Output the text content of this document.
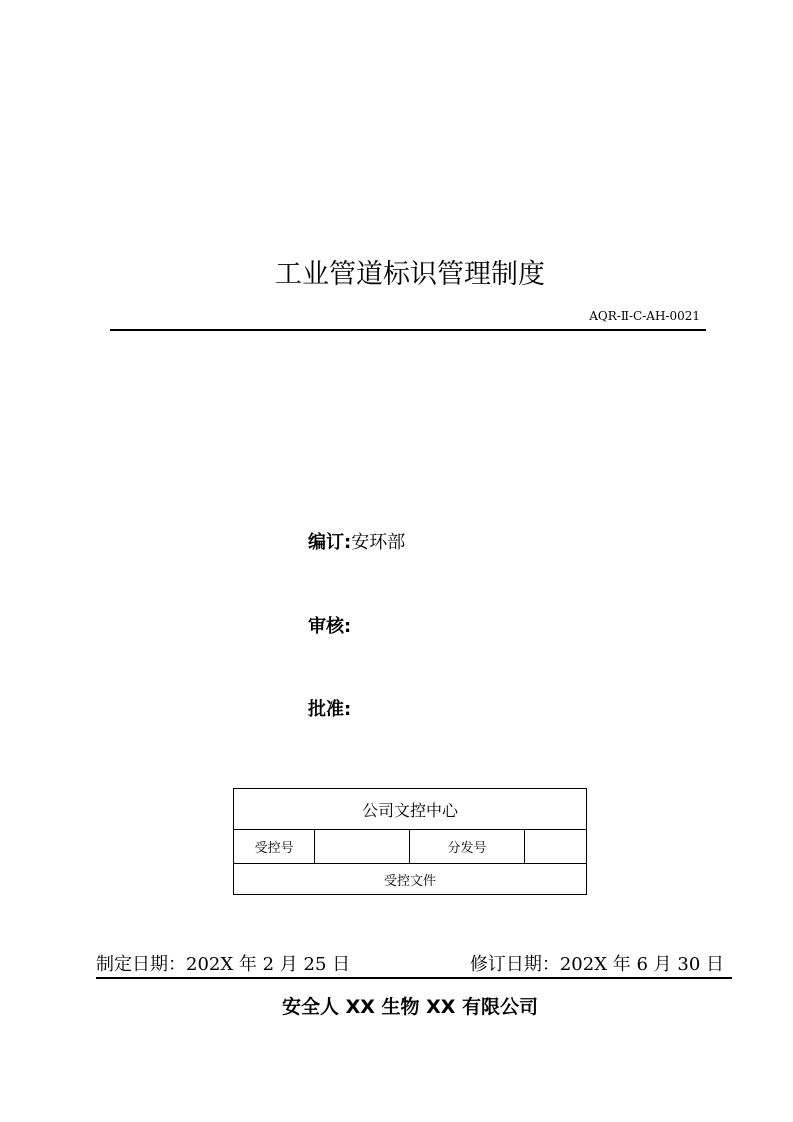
工业管道标识管理制度
AQR-Ⅱ-C-AH-0021
编订:安环部
审核:
批准:
公司文控中心
受控号		分发号	
受控文件
制定日期：202X 年 2 月 25 日	修订日期：202X 年 6 月 30 日
安全人 XX 生物 XX 有限公司
